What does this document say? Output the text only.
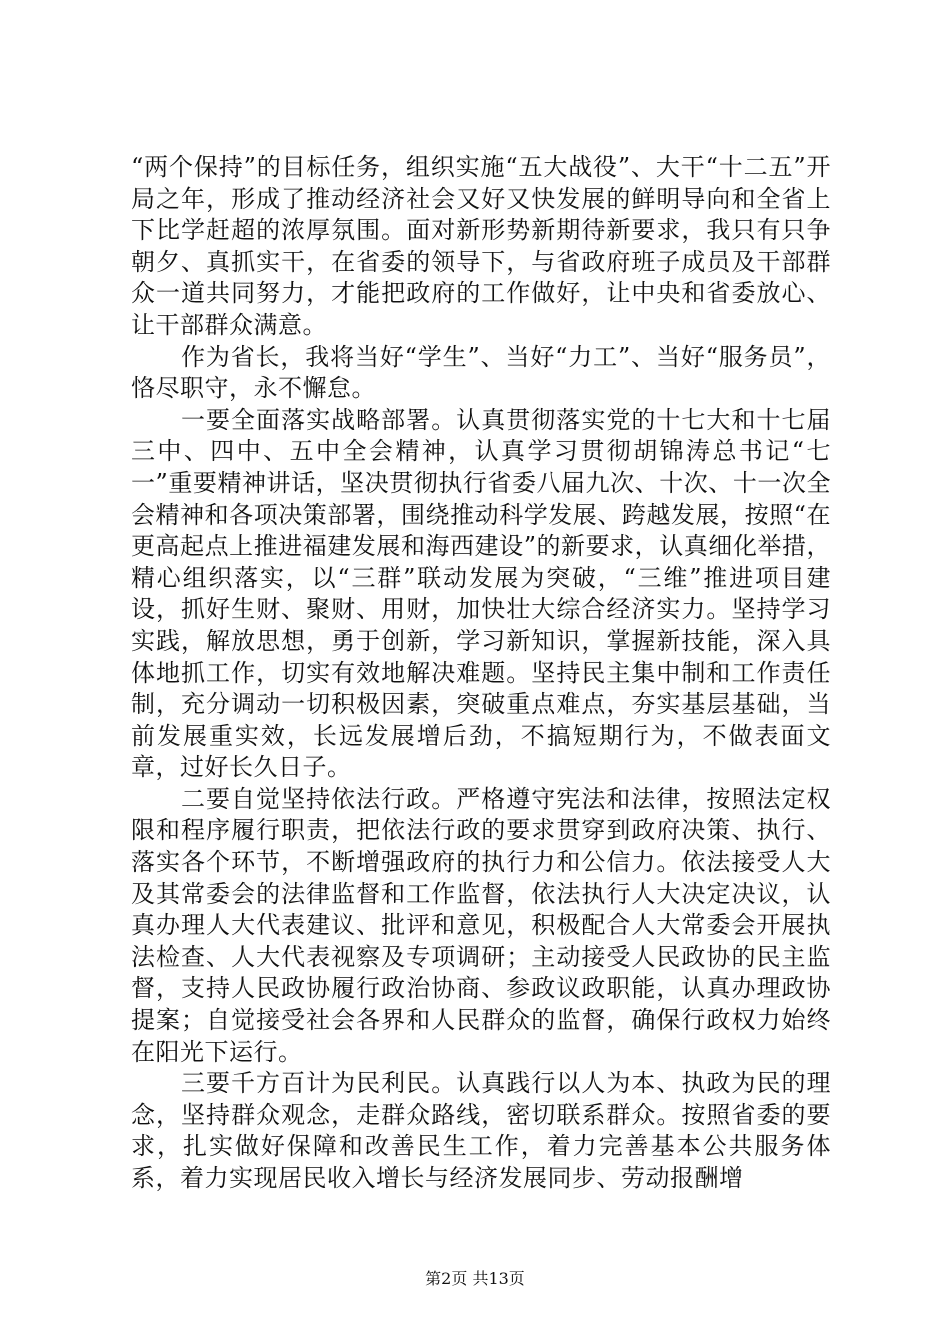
“两个保持”的目标任务，组织实施“五大战役”、大干“十二五”开局之年，形成了推动经济社会又好又快发展的鲜明导向和全省上下比学赶超的浓厚氛围。面对新形势新期待新要求，我只有只争朝夕、真抓实干，在省委的领导下，与省政府班子成员及干部群众一道共同努力，才能把政府的工作做好，让中央和省委放心、让干部群众满意。

作为省长，我将当好“学生”、当好“力工”、当好“服务员”，恪尽职守，永不懈怠。

一要全面落实战略部署。认真贯彻落实党的十七大和十七届三中、四中、五中全会精神，认真学习贯彻胡锦涛总书记“七一”重要精神讲话，坚决贯彻执行省委八届九次、十次、十一次全会精神和各项决策部署，围绕推动科学发展、跨越发展，按照“在更高起点上推进福建发展和海西建设”的新要求，认真细化举措，精心组织落实，以“三群”联动发展为突破，“三维”推进项目建设，抓好生财、聚财、用财，加快壮大综合经济实力。坚持学习实践，解放思想，勇于创新，学习新知识，掌握新技能，深入具体地抓工作，切实有效地解决难题。坚持民主集中制和工作责任制，充分调动一切积极因素，突破重点难点，夯实基层基础，当前发展重实效，长远发展增后劲，不搞短期行为，不做表面文章，过好长久日子。

二要自觉坚持依法行政。严格遵守宪法和法律，按照法定权限和程序履行职责，把依法行政的要求贯穿到政府决策、执行、落实各个环节，不断增强政府的执行力和公信力。依法接受人大及其常委会的法律监督和工作监督，依法执行人大决定决议，认真办理人大代表建议、批评和意见，积极配合人大常委会开展执法检查、人大代表视察及专项调研；主动接受人民政协的民主监督，支持人民政协履行政治协商、参政议政职能，认真办理政协提案；自觉接受社会各界和人民群众的监督，确保行政权力始终在阳光下运行。

三要千方百计为民利民。认真践行以人为本、执政为民的理念，坚持群众观念，走群众路线，密切联系群众。按照省委的要求，扎实做好保障和改善民生工作，着力完善基本公共服务体系，着力实现居民收入增长与经济发展同步、劳动报酬增

第2页 共13页
